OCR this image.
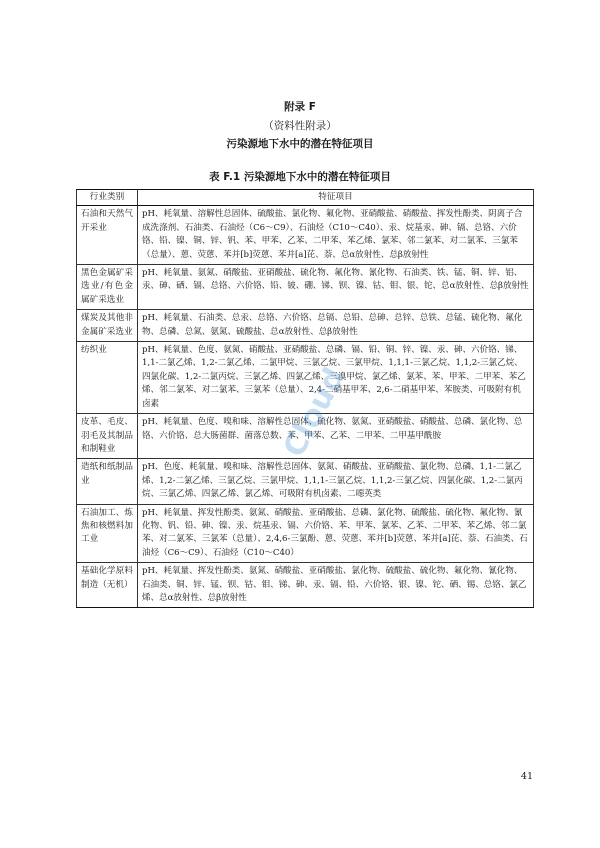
附录 F
（资料性附录）
污染源地下水中的潜在特征项目
表 F.1 污染源地下水中的潜在特征项目
行业类别	特征项目
石油和天然气开采业	pH、耗氧量、溶解性总固体、硫酸盐、氯化物、氟化物、亚硝酸盐、硝酸盐、挥发性酚类、阴离子合成洗涤剂、石油类、石油烃（C6～C9）、石油烃（C10～C40）、汞、烷基汞、砷、镉、总铬、六价铬、铅、镍、铜、锌、钒、苯、甲苯、乙苯、二甲苯、苯乙烯、氯苯、邻二氯苯、对二氯苯、三氯苯（总量）、蒽、荧蒽、苯并[b]荧蒽、苯并[a]芘、萘、总α放射性、总β放射性
黑色金属矿采选业/有色金属矿采选业	pH、耗氧量、氨氮、硝酸盐、亚硝酸盐、硫化物、氟化物、氰化物、石油类、铁、锰、铜、锌、铝、汞、砷、硒、镉、总铬、六价铬、铅、铍、硼、锑、钡、镍、钴、钼、银、铊、总α放射性、总β放射性
煤炭及其他非金属矿采选业	pH、耗氧量、石油类、总汞、总铬、六价铬、总镉、总铅、总砷、总锌、总铁、总锰、硫化物、氟化物、总磷、总氮、氨氮、硫酸盐、总α放射性、总β放射性
纺织业	pH、耗氧量、色度、氨氮、硝酸盐、亚硝酸盐、总磷、镉、铅、铜、锌、镍、汞、砷、六价铬、锑、1,1-二氯乙烯、1,2-二氯乙烯、二氯甲烷、三氯乙烷、三氯甲烷、1,1,1-三氯乙烷、1,1,2-三氯乙烷、四氯化碳、1,2-二氯丙烷、三氯乙烯、四氯乙烯、三溴甲烷、氯乙烯、氯苯、苯、甲苯、二甲苯、苯乙烯、邻二氯苯、对二氯苯、三氯苯（总量）、2,4-二硝基甲苯、2,6-二硝基甲苯、苯胺类、可吸附有机卤素
皮革、毛皮、羽毛及其制品和制鞋业	pH、耗氧量、色度、嗅和味、溶解性总固体、硫化物、氨氮、亚硝酸盐、硝酸盐、总磷、氯化物、总铬、六价铬、总大肠菌群、菌落总数、苯、甲苯、乙苯、二甲苯、二甲基甲酰胺
造纸和纸制品业	pH、色度、耗氧量、嗅和味、溶解性总固体、氨氮、硝酸盐、亚硝酸盐、氯化物、总磷、1,1-二氯乙烯、1,2-二氯乙烯、三氯乙烷、三氯甲烷、1,1,1-三氯乙烷、1,1,2-三氯乙烷、四氯化碳、1,2-二氯丙烷、三氯乙烯、四氯乙烯、氯乙烯、可吸附有机卤素、二噁英类
石油加工、炼焦和核燃料加工业	pH、耗氧量、挥发性酚类、氨氮、硝酸盐、亚硝酸盐、总磷、氯化物、硫酸盐、硫化物、氟化物、氰化物、钒、铅、砷、镍、汞、烷基汞、镉、六价铬、苯、甲苯、氯苯、乙苯、二甲苯、苯乙烯、邻二氯苯、对二氯苯、三氯苯（总量）、2,4,6-三氯酚、蒽、荧蒽、苯并[b]荧蒽、苯并[a]芘、萘、石油类、石油烃（C6～C9）、石油烃（C10～C40）
基础化学原料制造（无机）	pH、耗氧量、挥发性酚类、氨氮、硝酸盐、亚硝酸盐、氯化物、硫酸盐、硫化物、氟化物、氰化物、石油类、铜、锌、锰、钡、钴、钼、锑、砷、汞、镉、铅、六价铬、银、镍、铊、硒、锡、总铬、氯乙烯、总α放射性、总β放射性
Cloud
41
